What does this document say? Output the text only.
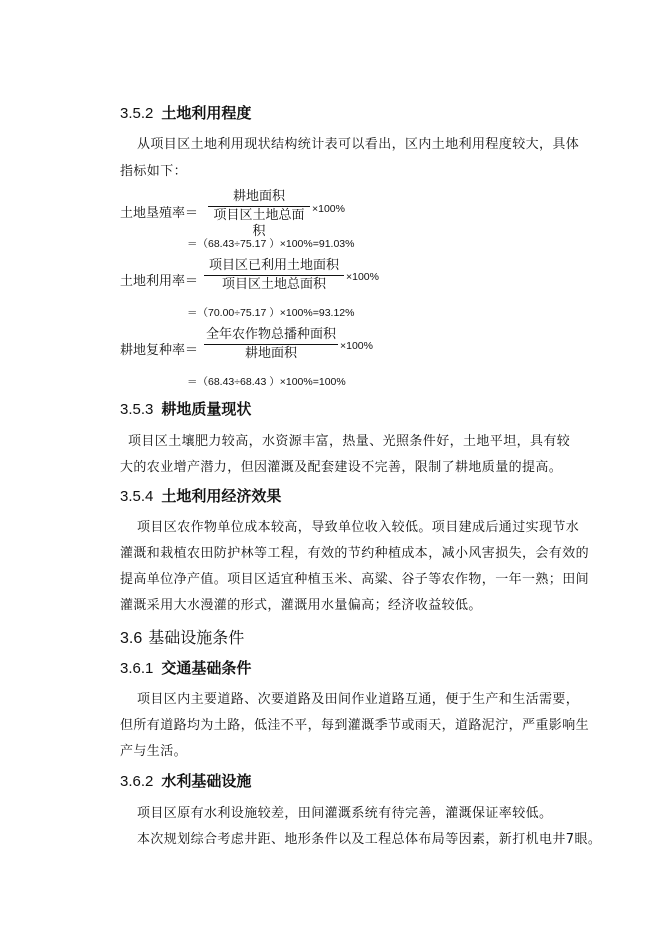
3.5.2 土地利用程度
从项目区土地利用现状结构统计表可以看出，区内土地利用程度较大，具体
指标如下：
土地垦殖率＝
耕地面积
项目区土地总面积
×100%
＝（68.43÷75.17 ）×100%=91.03%
土地利用率＝
项目区已利用土地面积
项目区土地总面积	×100%
＝（70.00÷75.17 ）×100%=93.12%
耕地复种率＝
全年农作物总播种面积
耕地面积	×100%
＝（68.43÷68.43 ）×100%=100%
3.5.3 耕地质量现状
项目区土壤肥力较高，水资源丰富，热量、光照条件好，土地平坦，具有较
大的农业增产潜力，但因灌溉及配套建设不完善，限制了耕地质量的提高。
3.5.4 土地利用经济效果
项目区农作物单位成本较高，导致单位收入较低。项目建成后通过实现节水
灌溉和栽植农田防护林等工程，有效的节约种植成本，减小风害损失，会有效的
提高单位净产值。项目区适宜种植玉米、高粱、谷子等农作物，一年一熟；田间
灌溉采用大水漫灌的形式，灌溉用水量偏高；经济收益较低。
3.6 基础设施条件
3.6.1 交通基础条件
项目区内主要道路、次要道路及田间作业道路互通，便于生产和生活需要，
但所有道路均为土路，低洼不平，每到灌溉季节或雨天，道路泥泞，严重影响生
产与生活。
3.6.2 水利基础设施
项目区原有水利设施较差，田间灌溉系统有待完善，灌溉保证率较低。
本次规划综合考虑井距、地形条件以及工程总体布局等因素，新打机电井7眼。
